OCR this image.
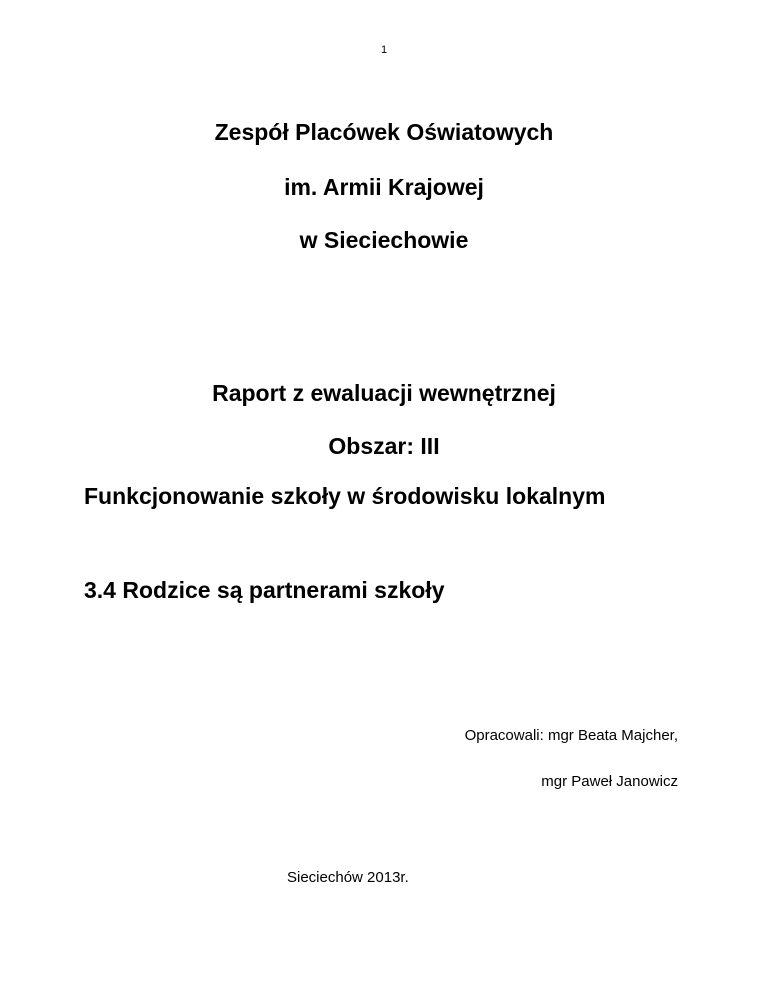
1
Zespół Placówek Oświatowych
im. Armii Krajowej
w Sieciechowie
Raport z ewaluacji wewnętrznej
Obszar: III
Funkcjonowanie szkoły w środowisku lokalnym
3.4 Rodzice są partnerami szkoły
Opracowali: mgr Beata Majcher,
mgr Paweł Janowicz
Sieciechów 2013r.
